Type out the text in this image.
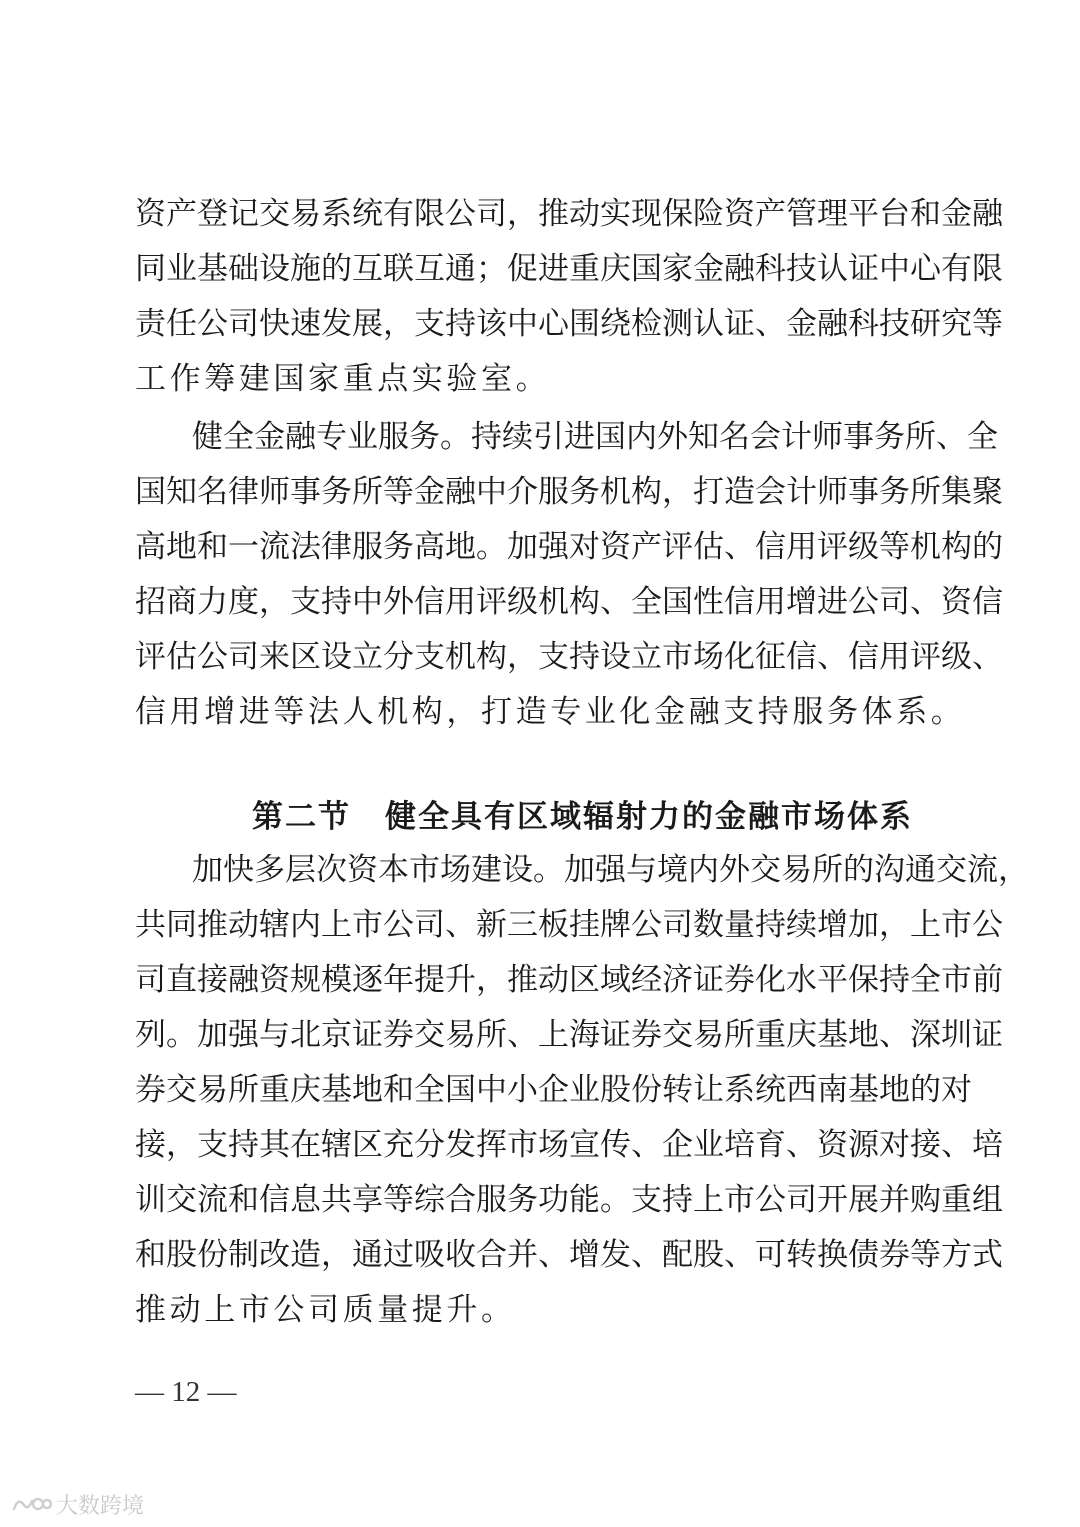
资产登记交易系统有限公司，推动实现保险资产管理平台和金融
同业基础设施的互联互通；促进重庆国家金融科技认证中心有限
责任公司快速发展，支持该中心围绕检测认证、金融科技研究等
工作筹建国家重点实验室。
健全金融专业服务。持续引进国内外知名会计师事务所、全
国知名律师事务所等金融中介服务机构，打造会计师事务所集聚
高地和一流法律服务高地。加强对资产评估、信用评级等机构的
招商力度，支持中外信用评级机构、全国性信用增进公司、资信
评估公司来区设立分支机构，支持设立市场化征信、信用评级、
信用增进等法人机构，打造专业化金融支持服务体系。
第二节 健全具有区域辐射力的金融市场体系
加快多层次资本市场建设。加强与境内外交易所的沟通交流，
共同推动辖内上市公司、新三板挂牌公司数量持续增加，上市公
司直接融资规模逐年提升，推动区域经济证券化水平保持全市前
列。加强与北京证券交易所、上海证券交易所重庆基地、深圳证
券交易所重庆基地和全国中小企业股份转让系统西南基地的对
接，支持其在辖区充分发挥市场宣传、企业培育、资源对接、培
训交流和信息共享等综合服务功能。支持上市公司开展并购重组
和股份制改造，通过吸收合并、增发、配股、可转换债券等方式
推动上市公司质量提升。
— 12 —
大数跨境
